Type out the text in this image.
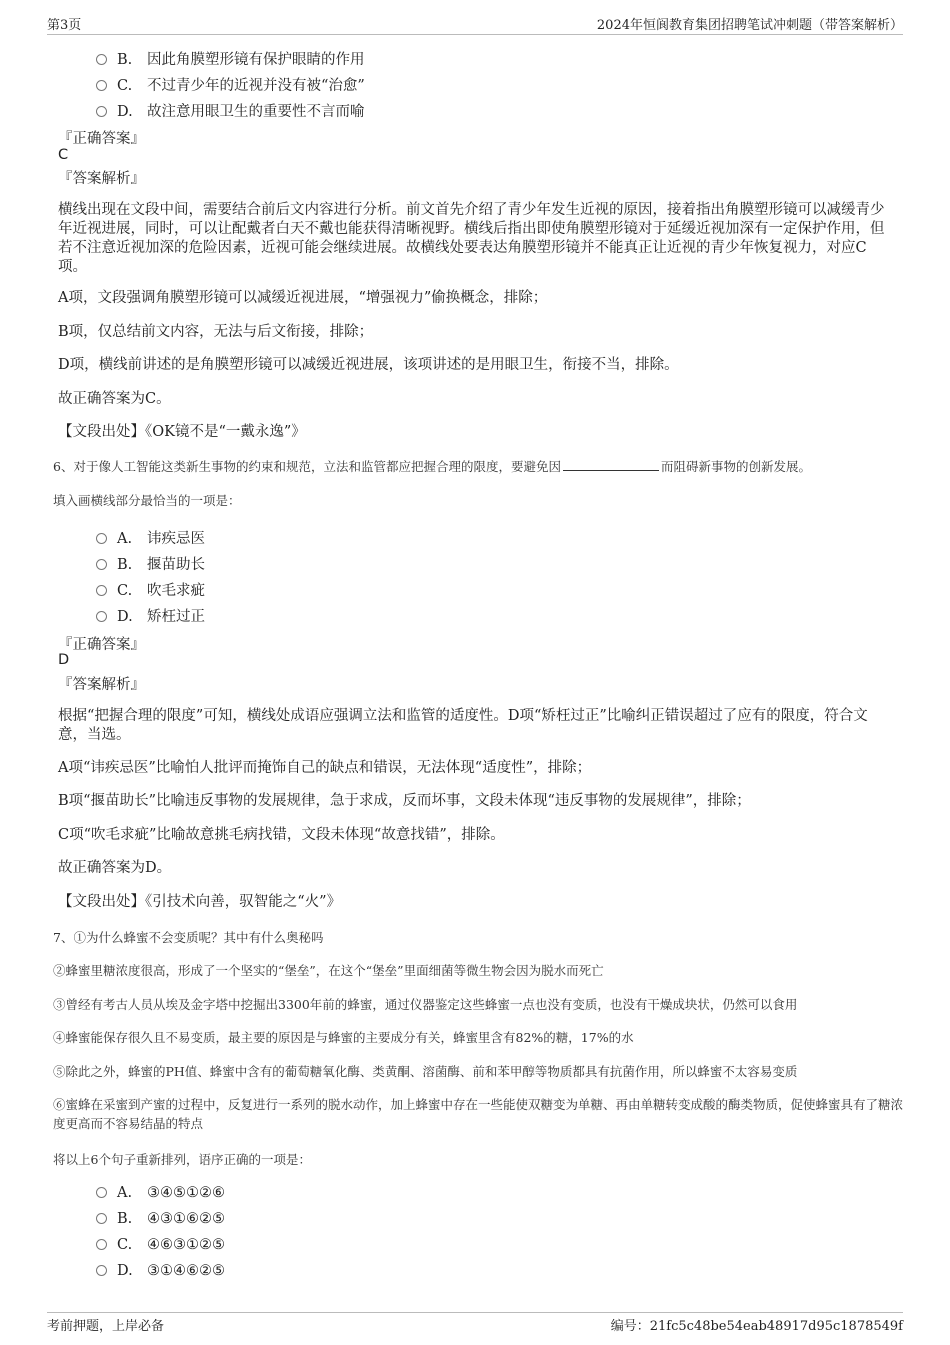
第3页	2024年恒阆教育集团招聘笔试冲刺题（带答案解析）
B. 因此角膜塑形镜有保护眼睛的作用
C. 不过青少年的近视并没有被“治愈”
D. 故注意用眼卫生的重要性不言而喻
『正确答案』
C
『答案解析』
横线出现在文段中间，需要结合前后文内容进行分析。前文首先介绍了青少年发生近视的原因，接着指出角膜塑形镜可以减缓青少年近视进展，同时，可以让配戴者白天不戴也能获得清晰视野。横线后指出即使角膜塑形镜对于延缓近视加深有一定保护作用，但若不注意近视加深的危险因素，近视可能会继续进展。故横线处要表达角膜塑形镜并不能真正让近视的青少年恢复视力，对应C项。
A项，文段强调角膜塑形镜可以减缓近视进展，“增强视力”偷换概念，排除；
B项，仅总结前文内容，无法与后文衔接，排除；
D项，横线前讲述的是角膜塑形镜可以减缓近视进展，该项讲述的是用眼卫生，衔接不当，排除。
故正确答案为C。
【文段出处】《OK镜不是“一戴永逸”》
6、对于像人工智能这类新生事物的约束和规范，立法和监管都应把握合理的限度，要避免因	而阻碍新事物的创新发展。
填入画横线部分最恰当的一项是：
A. 讳疾忌医
B. 揠苗助长
C. 吹毛求疵
D. 矫枉过正
『正确答案』
D
『答案解析』
根据“把握合理的限度”可知，横线处成语应强调立法和监管的适度性。D项“矫枉过正”比喻纠正错误超过了应有的限度，符合文意，当选。
A项“讳疾忌医”比喻怕人批评而掩饰自己的缺点和错误，无法体现“适度性”，排除；
B项“揠苗助长”比喻违反事物的发展规律，急于求成，反而坏事，文段未体现“违反事物的发展规律”，排除；
C项“吹毛求疵”比喻故意挑毛病找错，文段未体现“故意找错”，排除。
故正确答案为D。
【文段出处】《引技术向善，驭智能之“火”》
7、①为什么蜂蜜不会变质呢？其中有什么奥秘吗
②蜂蜜里糖浓度很高，形成了一个坚实的“堡垒”，在这个“堡垒”里面细菌等微生物会因为脱水而死亡
③曾经有考古人员从埃及金字塔中挖掘出3300年前的蜂蜜，通过仪器鉴定这些蜂蜜一点也没有变质，也没有干燥成块状，仍然可以食用
④蜂蜜能保存很久且不易变质，最主要的原因是与蜂蜜的主要成分有关，蜂蜜里含有82%的糖，17%的水
⑤除此之外，蜂蜜的PH值、蜂蜜中含有的葡萄糖氧化酶、类黄酮、溶菌酶、前和苯甲醇等物质都具有抗菌作用，所以蜂蜜不太容易变质
⑥蜜蜂在采蜜到产蜜的过程中，反复进行一系列的脱水动作，加上蜂蜜中存在一些能使双糖变为单糖、再由单糖转变成酸的酶类物质，促使蜂蜜具有了糖浓度更高而不容易结晶的特点
将以上6个句子重新排列，语序正确的一项是：
A. ③④⑤①②⑥
B. ④③①⑥②⑤
C. ④⑥③①②⑤
D. ③①④⑥②⑤
考前押题，上岸必备	编号：21fc5c48be54eab48917d95c1878549f
